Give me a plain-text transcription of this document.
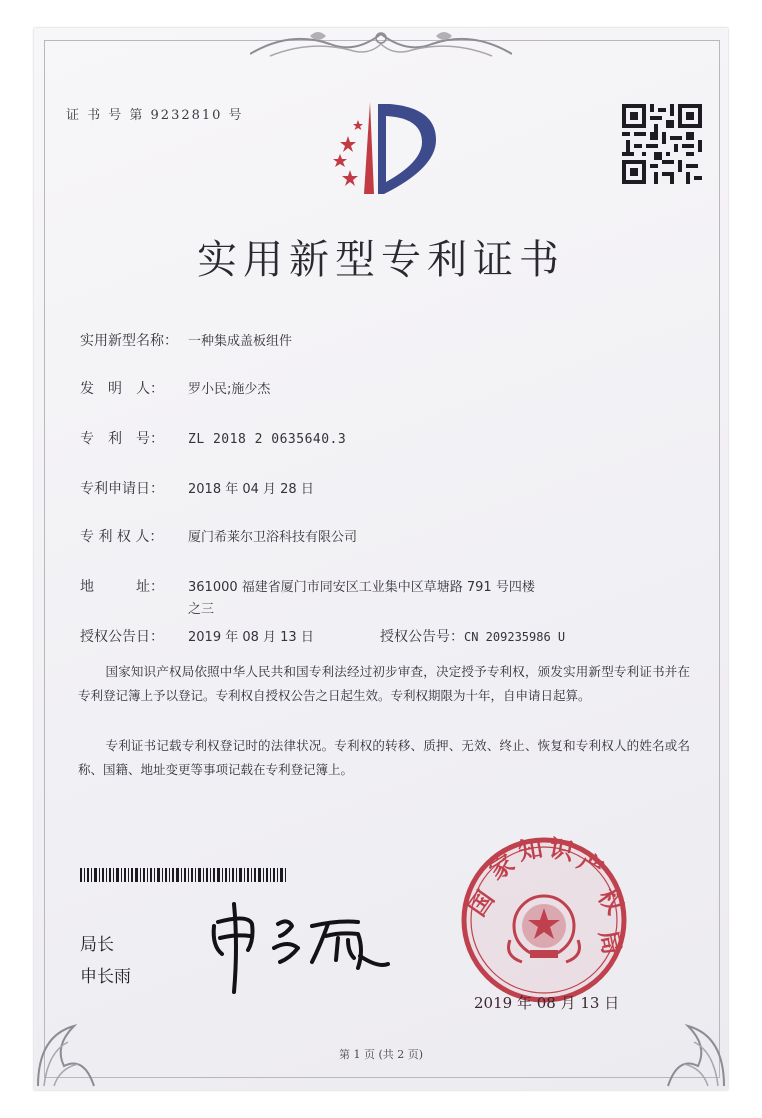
证 书 号 第 9232810 号
实用新型专利证书
实用新型名称： 一种集成盖板组件
发　明　人： 罗小民;施少杰
专　利　号： ZL 2018 2 0635640.3
专利申请日： 2018 年 04 月 28 日
专 利 权 人： 厦门希莱尔卫浴科技有限公司
地　　　址： 361000 福建省厦门市同安区工业集中区草塘路 791 号四楼
之三
授权公告日： 2019 年 08 月 13 日	授权公告号：CN 209235986 U
国家知识产权局依照中华人民共和国专利法经过初步审查，决定授予专利权，颁发实用新型专利证书并在专利登记簿上予以登记。专利权自授权公告之日起生效。专利权期限为十年，自申请日起算。
专利证书记载专利权登记时的法律状况。专利权的转移、质押、无效、终止、恢复和专利权人的姓名或名称、国籍、地址变更等事项记载在专利登记簿上。
局长
申长雨
国
家
知 识
产
权
局
2019 年 08 月 13 日
第 1 页 (共 2 页)
